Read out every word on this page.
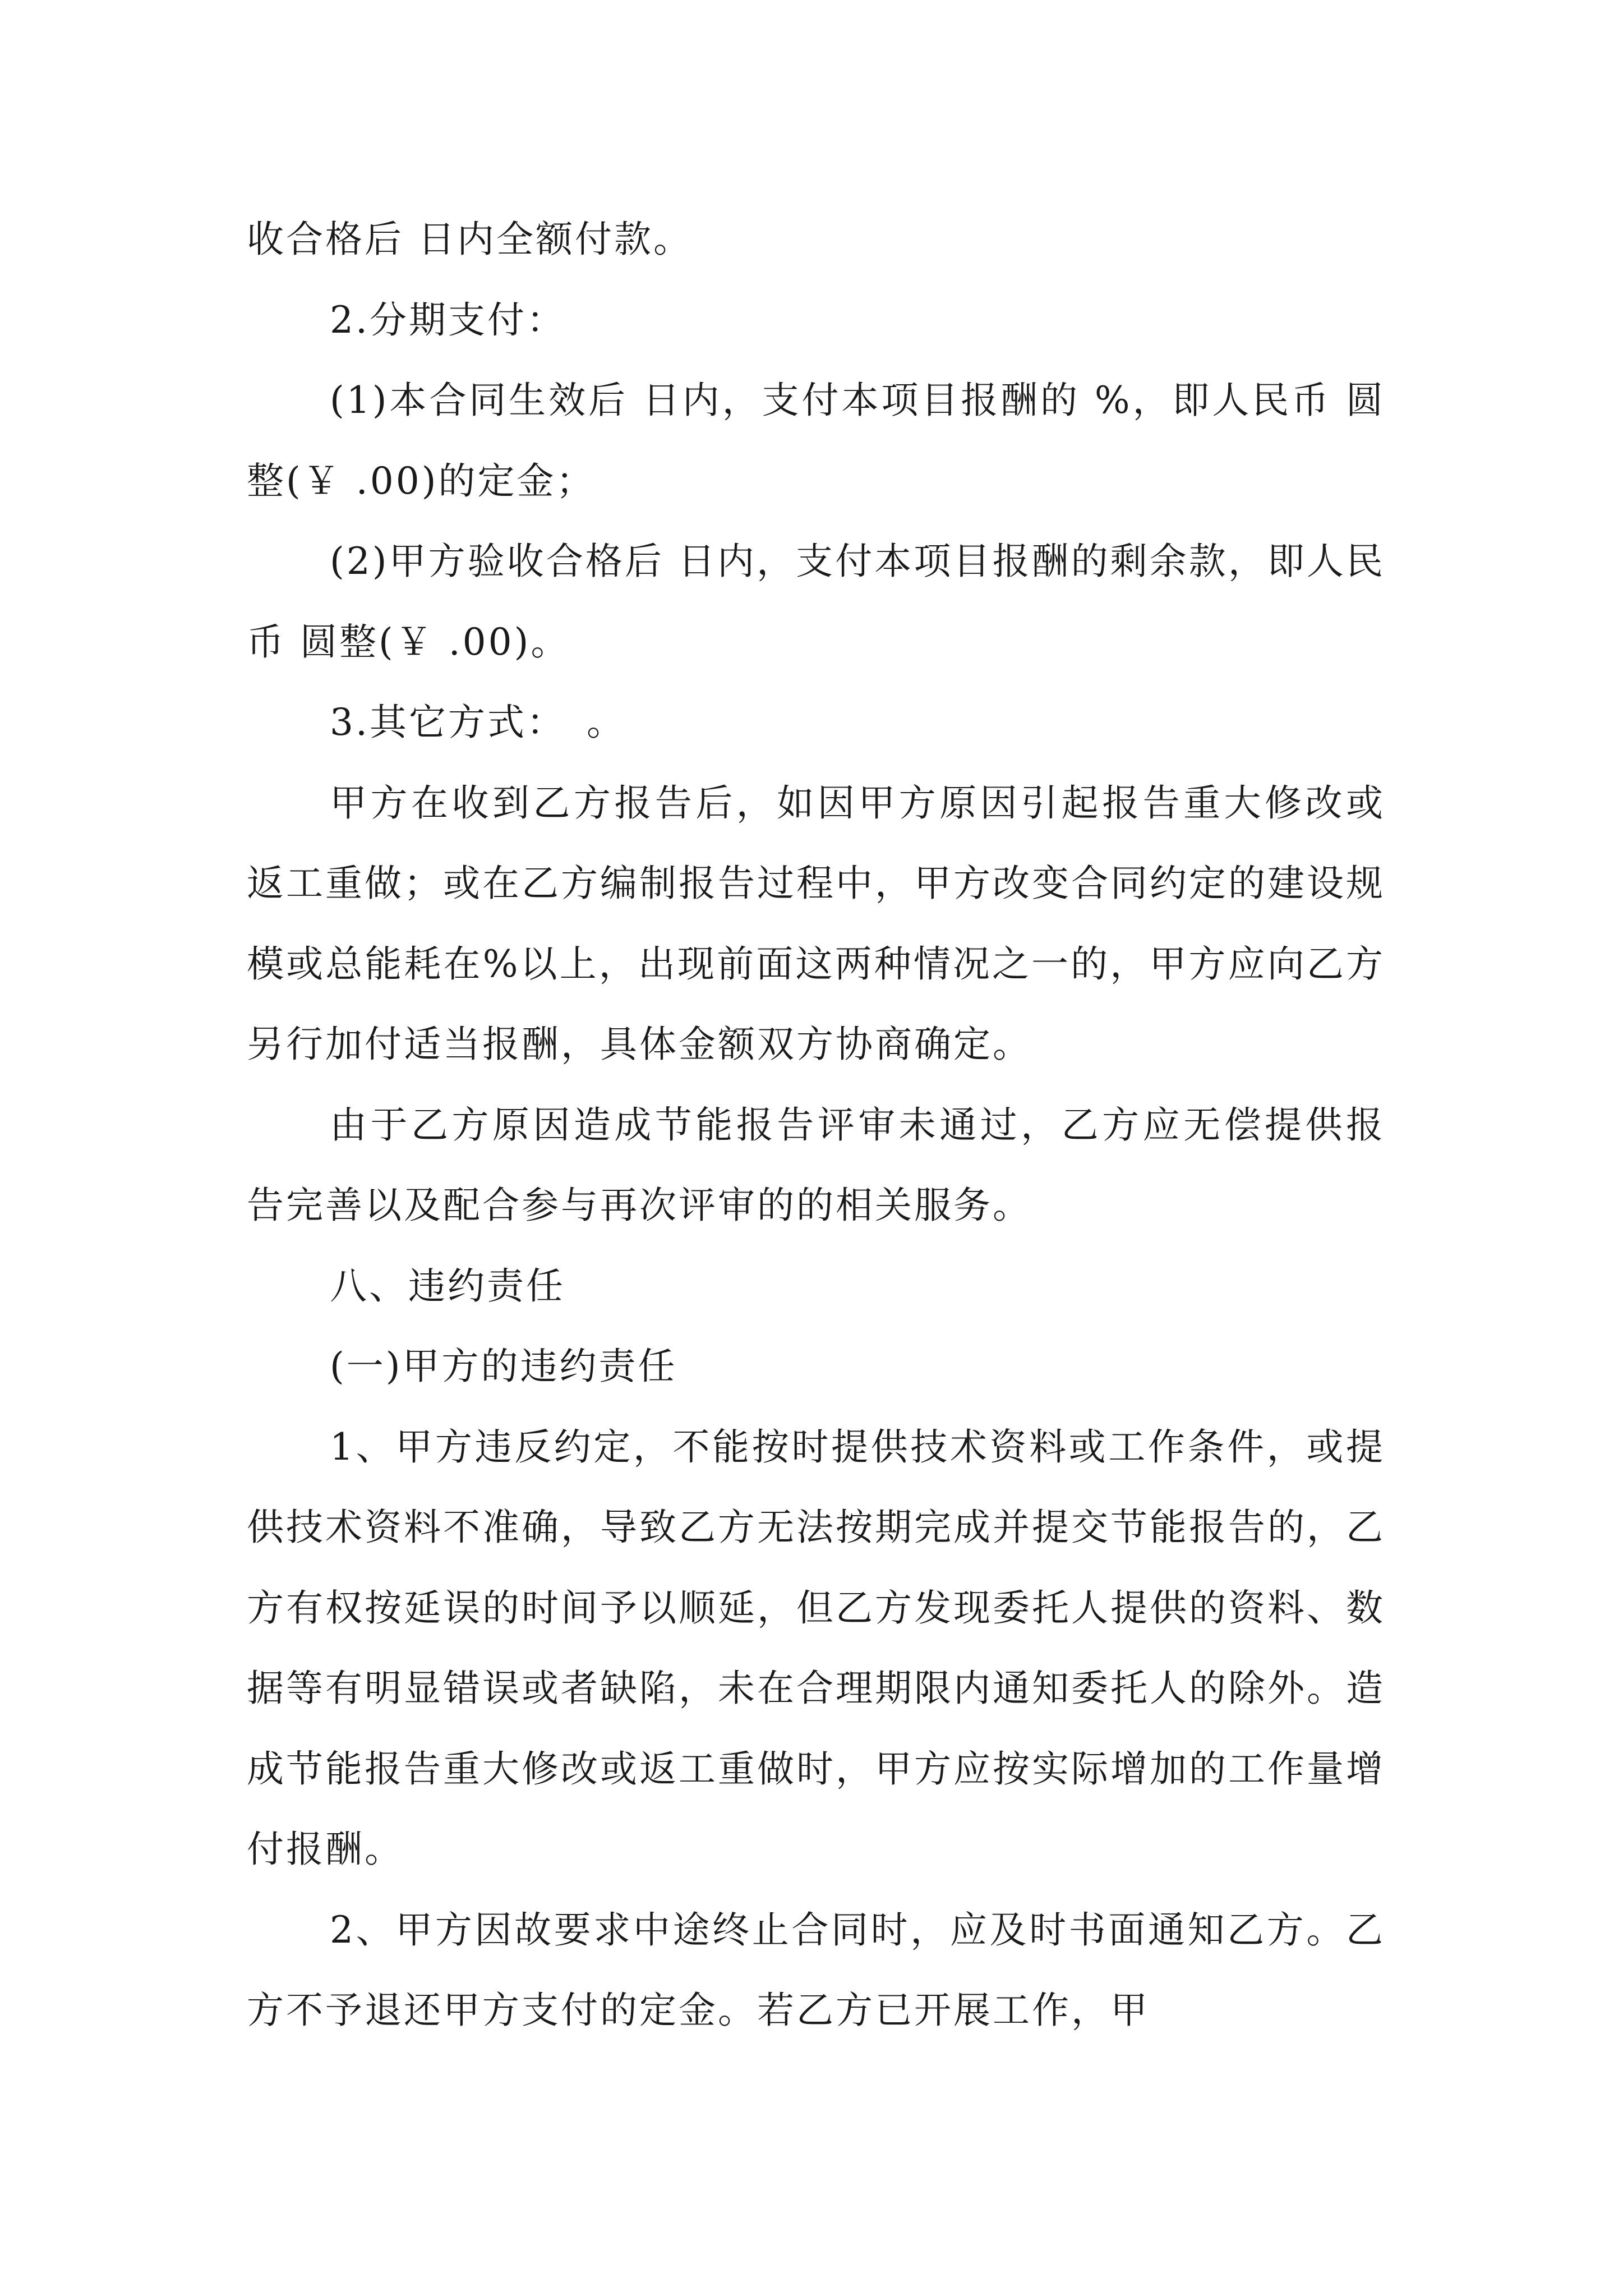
收合格后 日内全额付款。

2.分期支付：

(1)本合同生效后 日内，支付本项目报酬的 %，即人民币 圆整(￥ .00)的定金；

(2)甲方验收合格后 日内，支付本项目报酬的剩余款，即人民币 圆整(￥ .00)。

3.其它方式：　。

甲方在收到乙方报告后，如因甲方原因引起报告重大修改或返工重做；或在乙方编制报告过程中，甲方改变合同约定的建设规模或总能耗在%以上，出现前面这两种情况之一的，甲方应向乙方另行加付适当报酬，具体金额双方协商确定。

由于乙方原因造成节能报告评审未通过，乙方应无偿提供报告完善以及配合参与再次评审的的相关服务。

八、违约责任

(一)甲方的违约责任

1、甲方违反约定，不能按时提供技术资料或工作条件，或提供技术资料不准确，导致乙方无法按期完成并提交节能报告的，乙方有权按延误的时间予以顺延，但乙方发现委托人提供的资料、数据等有明显错误或者缺陷，未在合理期限内通知委托人的除外。造成节能报告重大修改或返工重做时，甲方应按实际增加的工作量增付报酬。

2、甲方因故要求中途终止合同时，应及时书面通知乙方。乙方不予退还甲方支付的定金。若乙方已开展工作，甲
